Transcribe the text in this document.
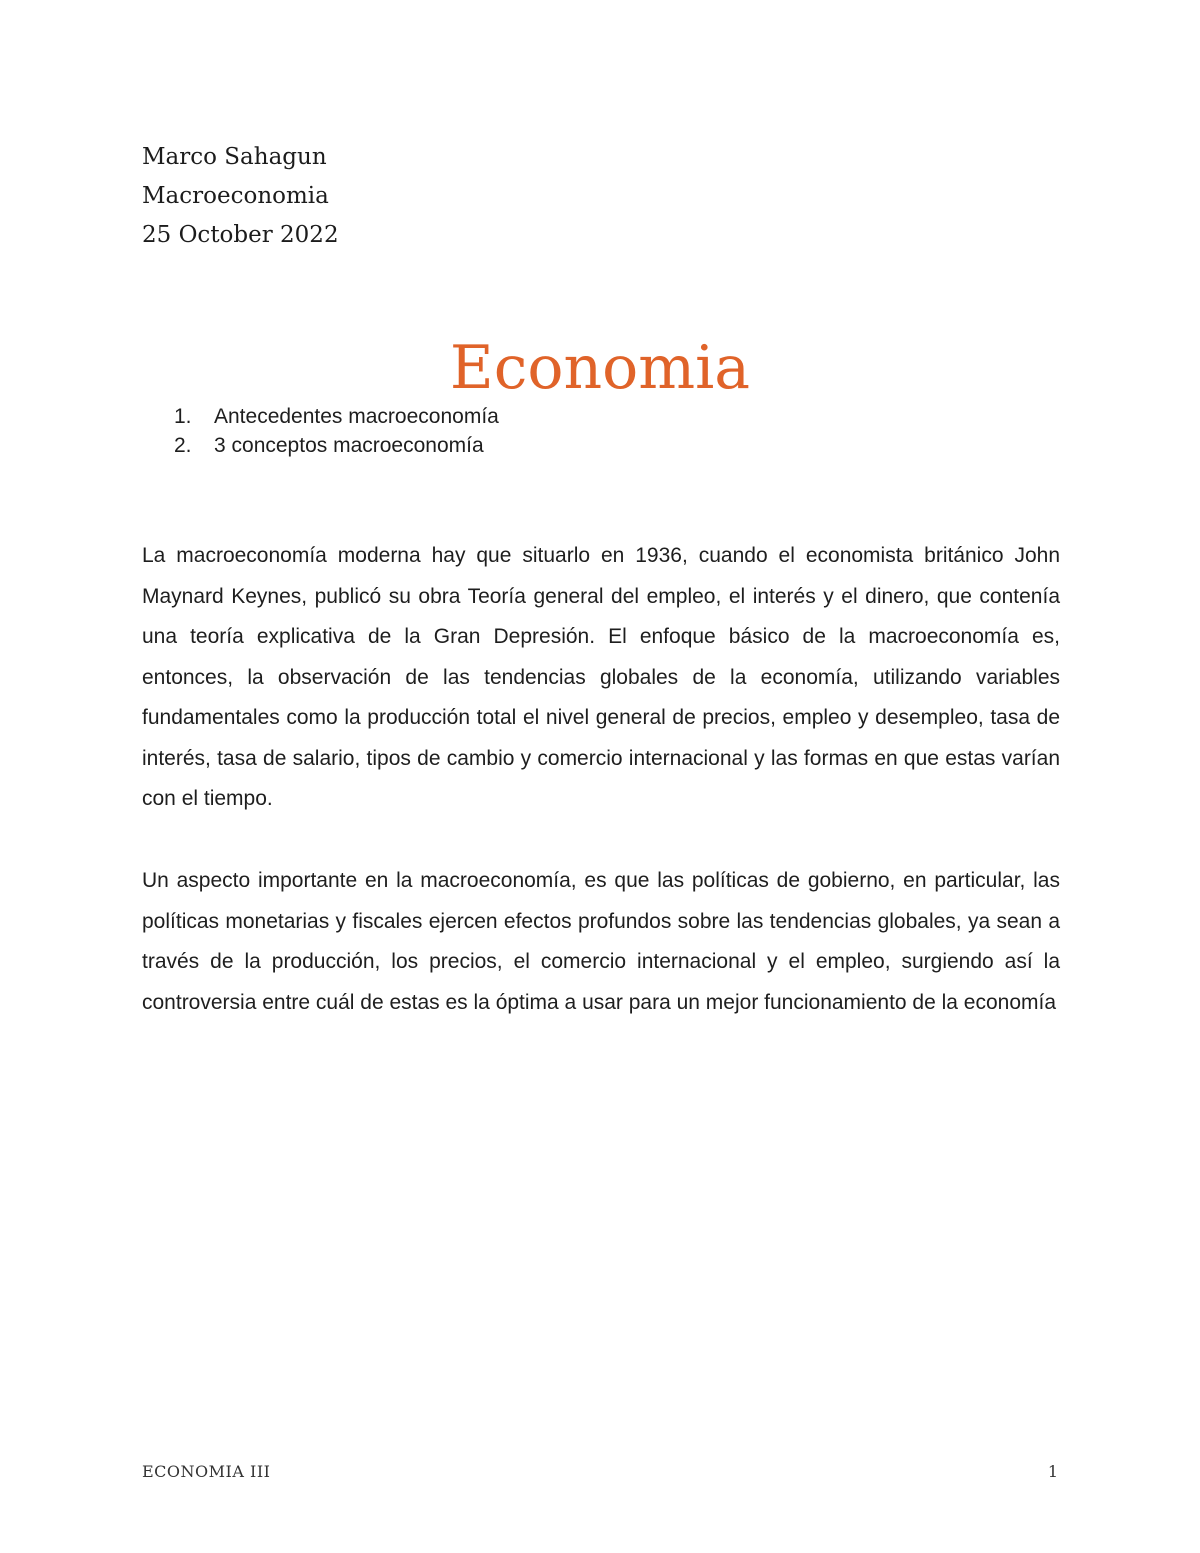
Marco Sahagun
Macroeconomia
25 October 2022
Economia
1. Antecedentes macroeconomía
2. 3 conceptos macroeconomía

La macroeconomía moderna hay que situarlo en 1936, cuando el economista británico John Maynard Keynes, publicó su obra Teoría general del empleo, el interés y el dinero, que contenía una teoría explicativa de la Gran Depresión. El enfoque básico de la macroeconomía es, entonces, la observación de las tendencias globales de la economía, utilizando variables fundamentales como la producción total el nivel general de precios, empleo y desempleo, tasa de interés, tasa de salario, tipos de cambio y comercio internacional y las formas en que estas varían con el tiempo.

Un aspecto importante en la macroeconomía, es que las políticas de gobierno, en particular, las políticas monetarias y fiscales ejercen efectos profundos sobre las tendencias globales, ya sean a través de la producción, los precios, el comercio internacional y el empleo, surgiendo así la controversia entre cuál de estas es la óptima a usar para un mejor funcionamiento de la economía

ECONOMIA III	1
